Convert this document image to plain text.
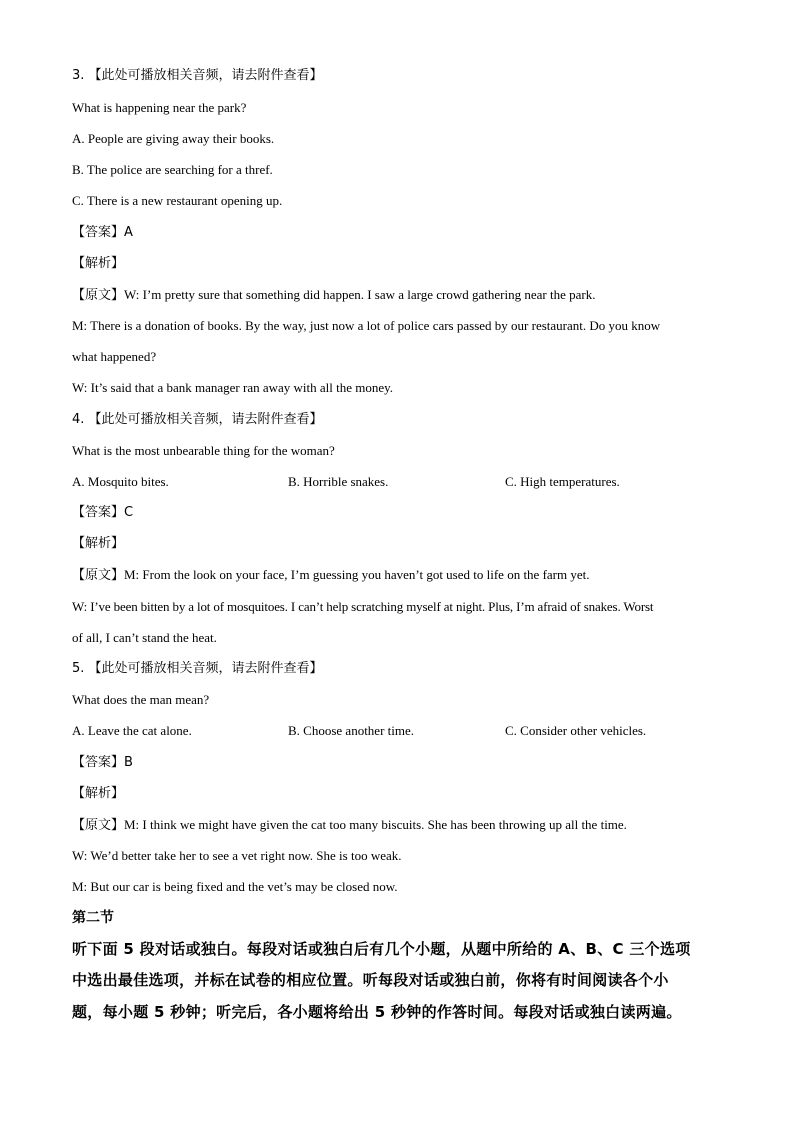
3. 【此处可播放相关音频，请去附件查看】
What is happening near the park?
A. People are giving away their books.
B. The police are searching for a thref.
C. There is a new restaurant opening up.
【答案】A
【解析】
【原文】W: I’m pretty sure that something did happen. I saw a large crowd gathering near the park.
M: There is a donation of books. By the way, just now a lot of police cars passed by our restaurant. Do you know
what happened?
W: It’s said that a bank manager ran away with all the money.
4. 【此处可播放相关音频，请去附件查看】
What is the most unbearable thing for the woman?
A. Mosquito bites.	B. Horrible snakes.	C. High temperatures.
【答案】C
【解析】
【原文】M: From the look on your face, I’m guessing you haven’t got used to life on the farm yet.
W: I’ve been bitten by a lot of mosquitoes. I can’t help scratching myself at night. Plus, I’m afraid of snakes. Worst
of all, I can’t stand the heat.
5. 【此处可播放相关音频，请去附件查看】
What does the man mean?
A. Leave the cat alone.	B. Choose another time.	C. Consider other vehicles.
【答案】B
【解析】
【原文】M: I think we might have given the cat too many biscuits. She has been throwing up all the time.
W: We’d better take her to see a vet right now. She is too weak.
M: But our car is being fixed and the vet’s may be closed now.
第二节
听下面 5 段对话或独白。每段对话或独白后有几个小题，从题中所给的 A、B、C 三个选项
中选出最佳选项，并标在试卷的相应位置。听每段对话或独白前，你将有时间阅读各个小
题，每小题 5 秒钟；听完后，各小题将给出 5 秒钟的作答时间。每段对话或独白读两遍。
